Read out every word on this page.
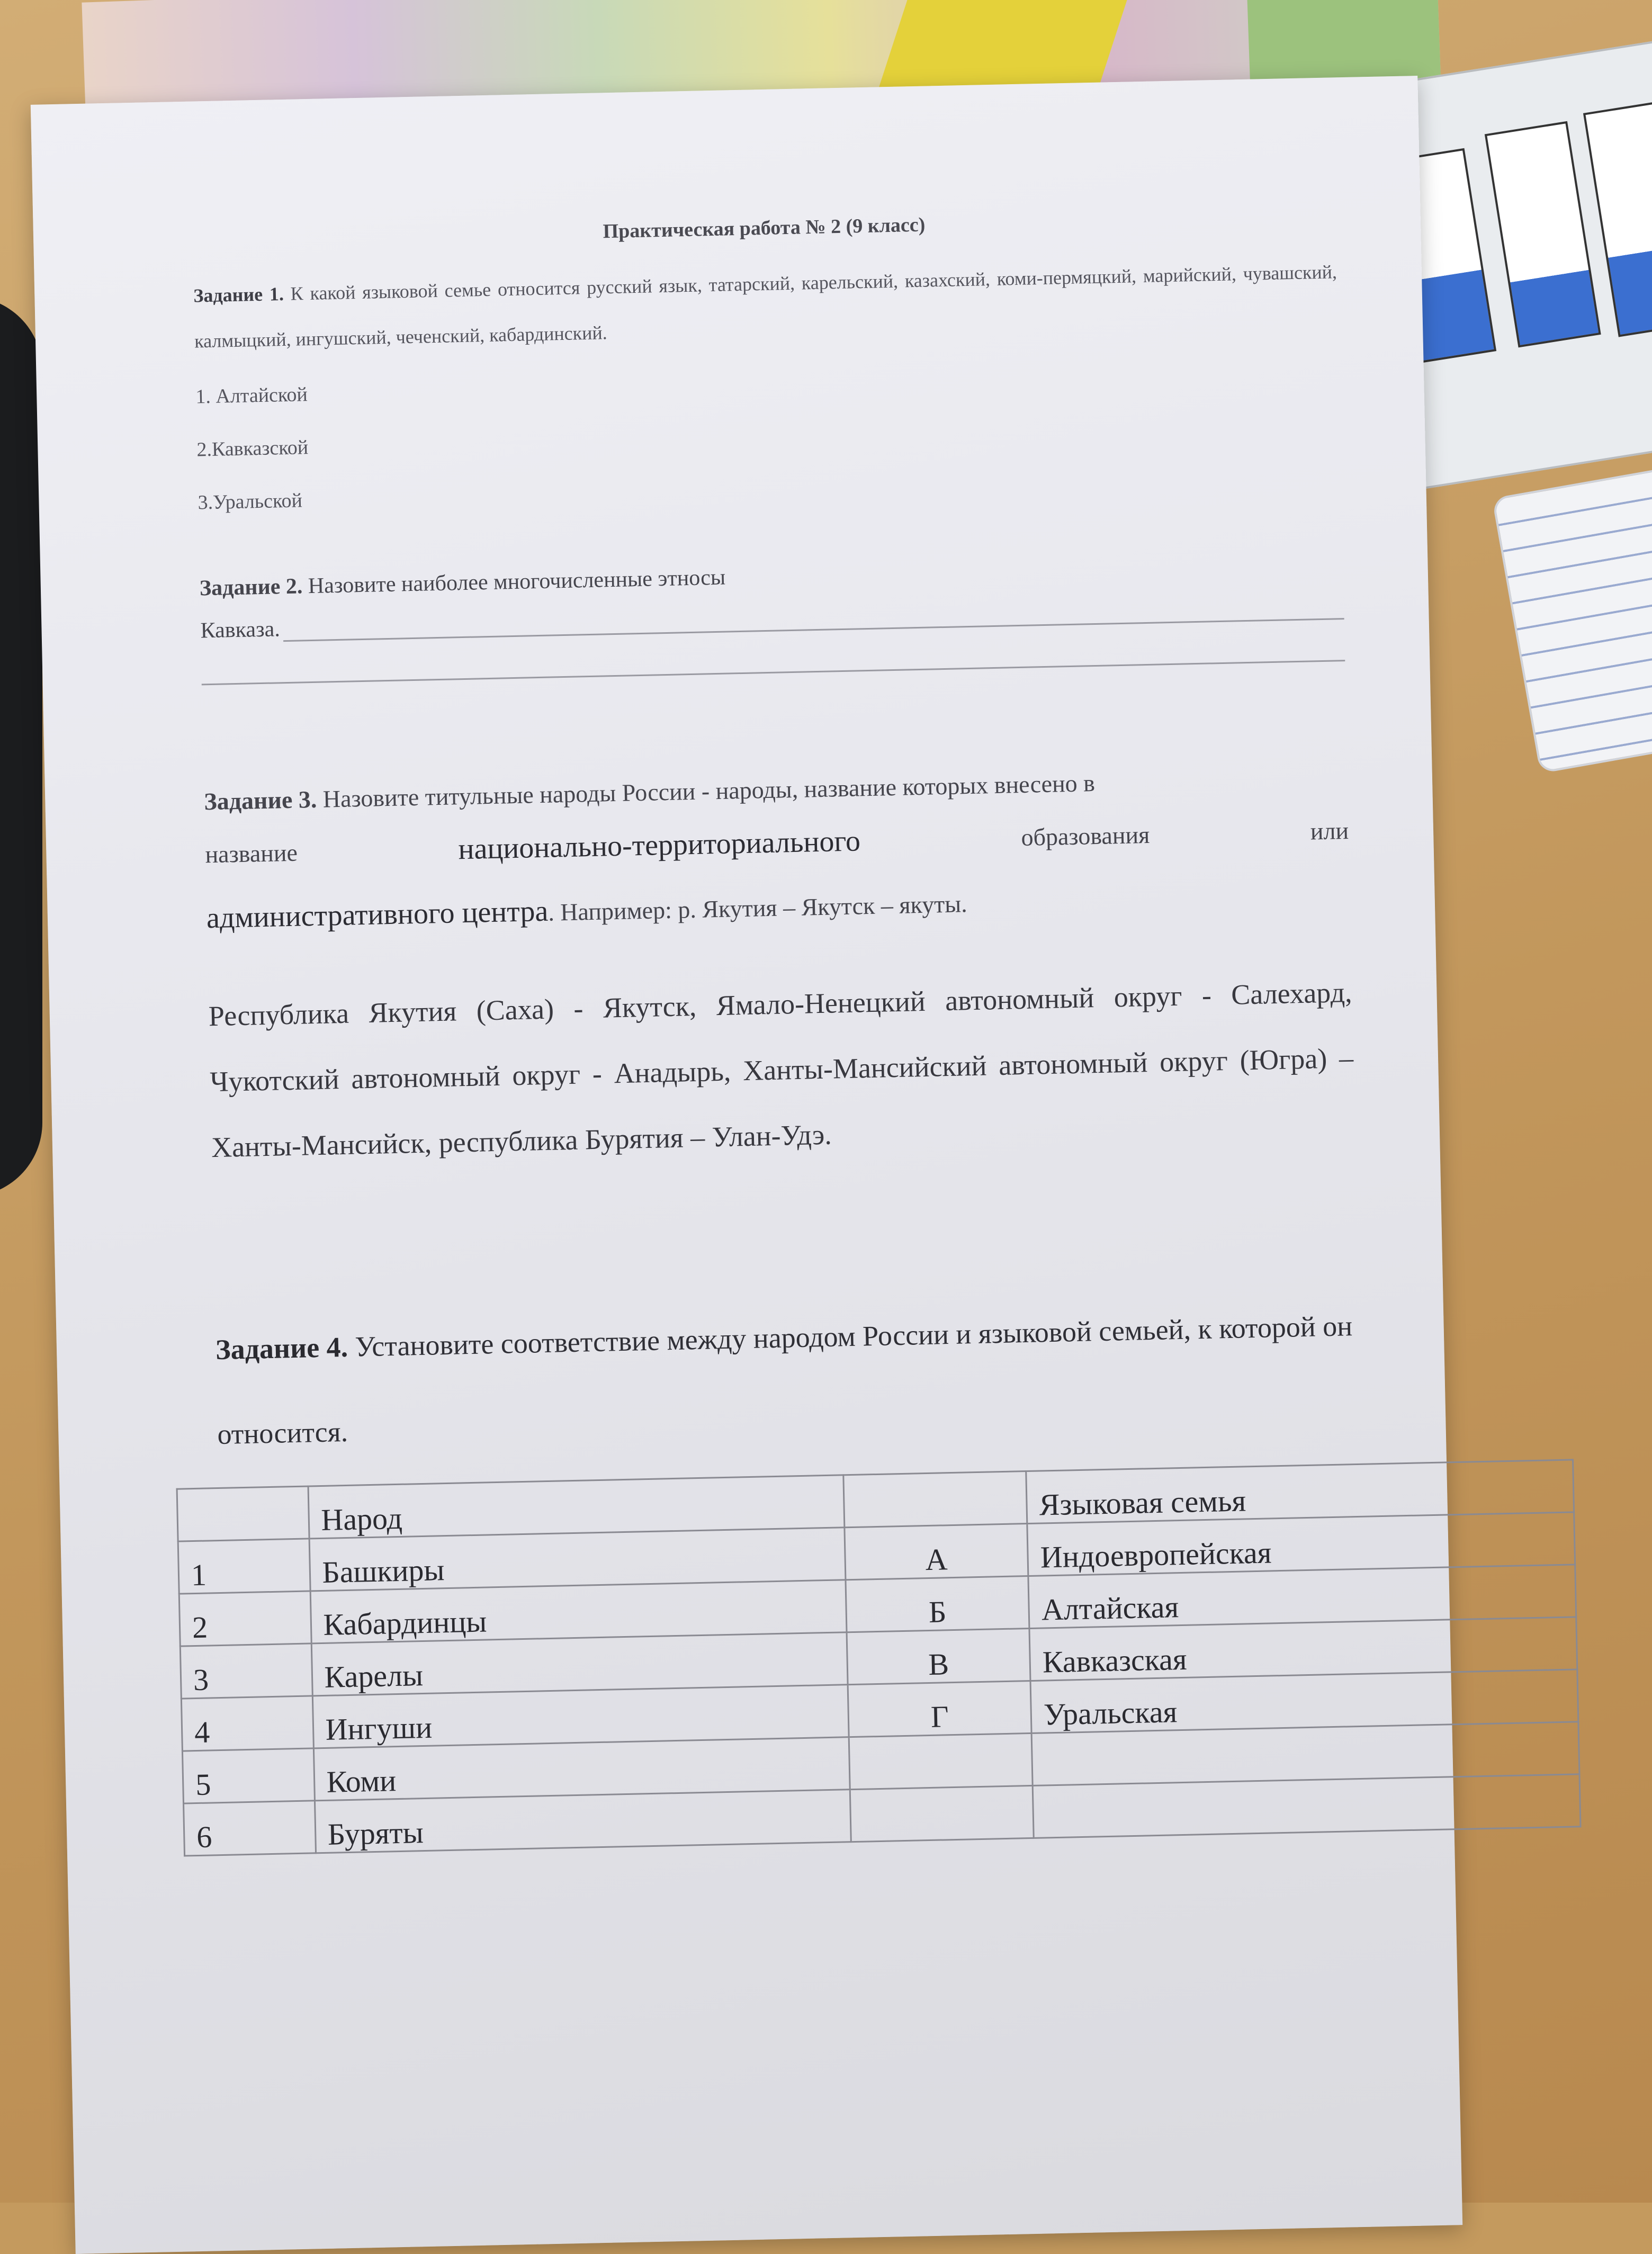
Практическая работа № 2 (9 класс)
Задание 1. К какой языковой семье относится русский язык, татарский, карельский, казахский, коми-пермяцкий, марийский, чувашский, калмыцкий, ингушский, чеченский, кабардинский.
1. Алтайской
2.Кавказской
3.Уральской
Задание 2. Назовите наиболее многочисленные этносы
Кавказа.
Задание 3. Назовите титульные народы России - народы, название которых внесено в
название	национально-территориального	образования	или
административного центра. Например: р. Якутия – Якутск – якуты.
Республика Якутия (Саха) - Якутск, Ямало-Ненецкий автономный округ - Салехард, Чукотский автономный округ - Анадырь, Ханты-Мансийский автономный округ (Югра) – Ханты-Мансийск, республика Бурятия – Улан-Удэ.
Задание 4. Установите соответствие между народом России и языковой семьей, к которой он относится.
	Народ		Языковая семья
1	Башкиры	А	Индоевропейская
2	Кабардинцы	Б	Алтайская
3	Карелы	В	Кавказская
4	Ингуши	Г	Уральская
5	Коми		
6	Буряты		
